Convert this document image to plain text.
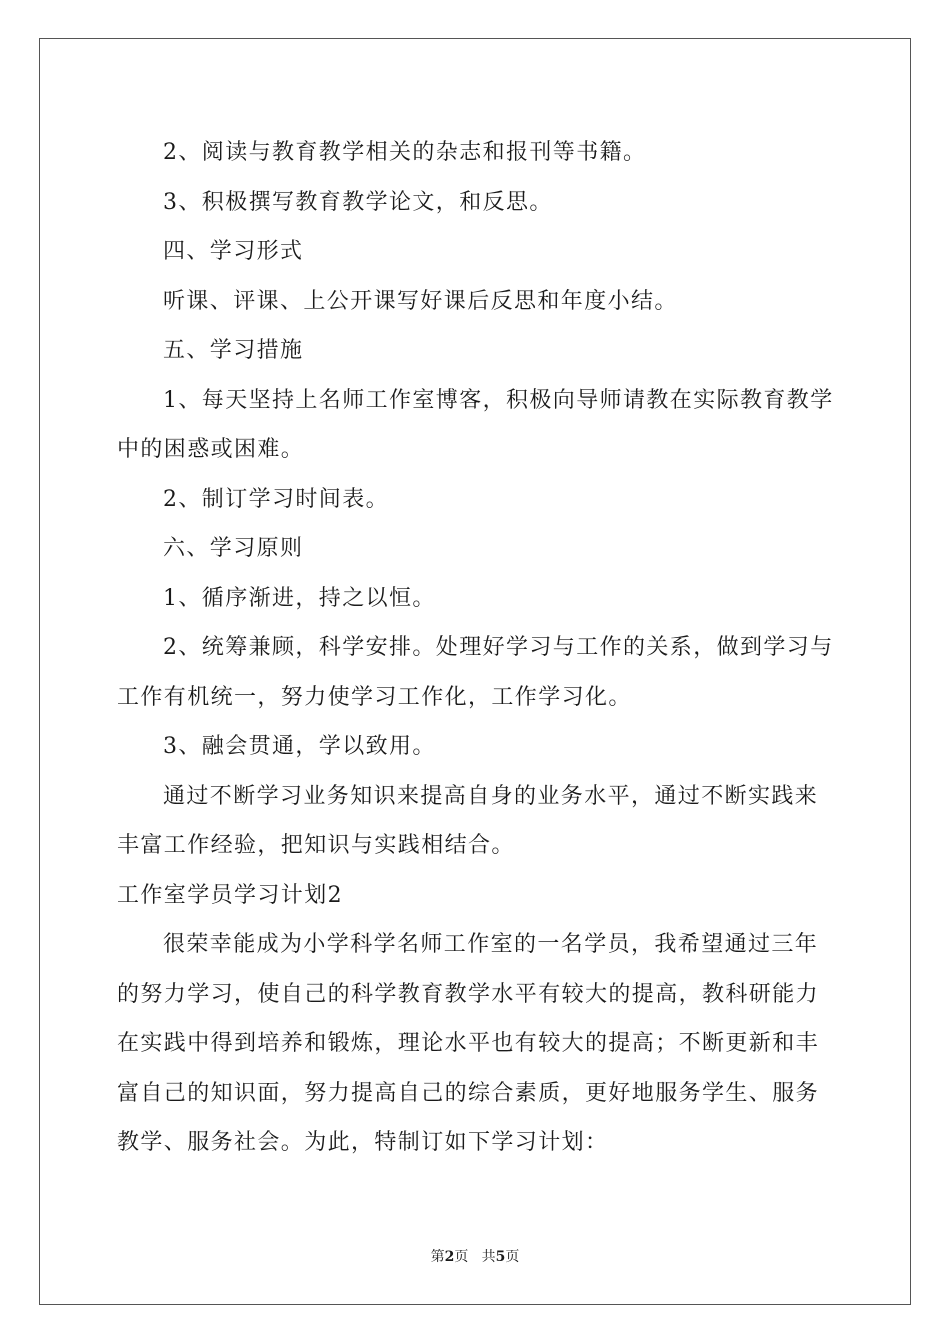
2、阅读与教育教学相关的杂志和报刊等书籍。

3、积极撰写教育教学论文，和反思。

四、学习形式

听课、评课、上公开课写好课后反思和年度小结。

五、学习措施

1、每天坚持上名师工作室博客，积极向导师请教在实际教育教学中的困惑或困难。

2、制订学习时间表。

六、学习原则

1、循序渐进，持之以恒。

2、统筹兼顾，科学安排。处理好学习与工作的关系，做到学习与工作有机统一，努力使学习工作化，工作学习化。

3、融会贯通，学以致用。

通过不断学习业务知识来提高自身的业务水平，通过不断实践来丰富工作经验，把知识与实践相结合。

工作室学员学习计划2

很荣幸能成为小学科学名师工作室的一名学员，我希望通过三年的努力学习，使自己的科学教育教学水平有较大的提高，教科研能力在实践中得到培养和锻炼，理论水平也有较大的提高；不断更新和丰富自己的知识面，努力提高自己的综合素质，更好地服务学生、服务教学、服务社会。为此，特制订如下学习计划：

第2页 共5页
